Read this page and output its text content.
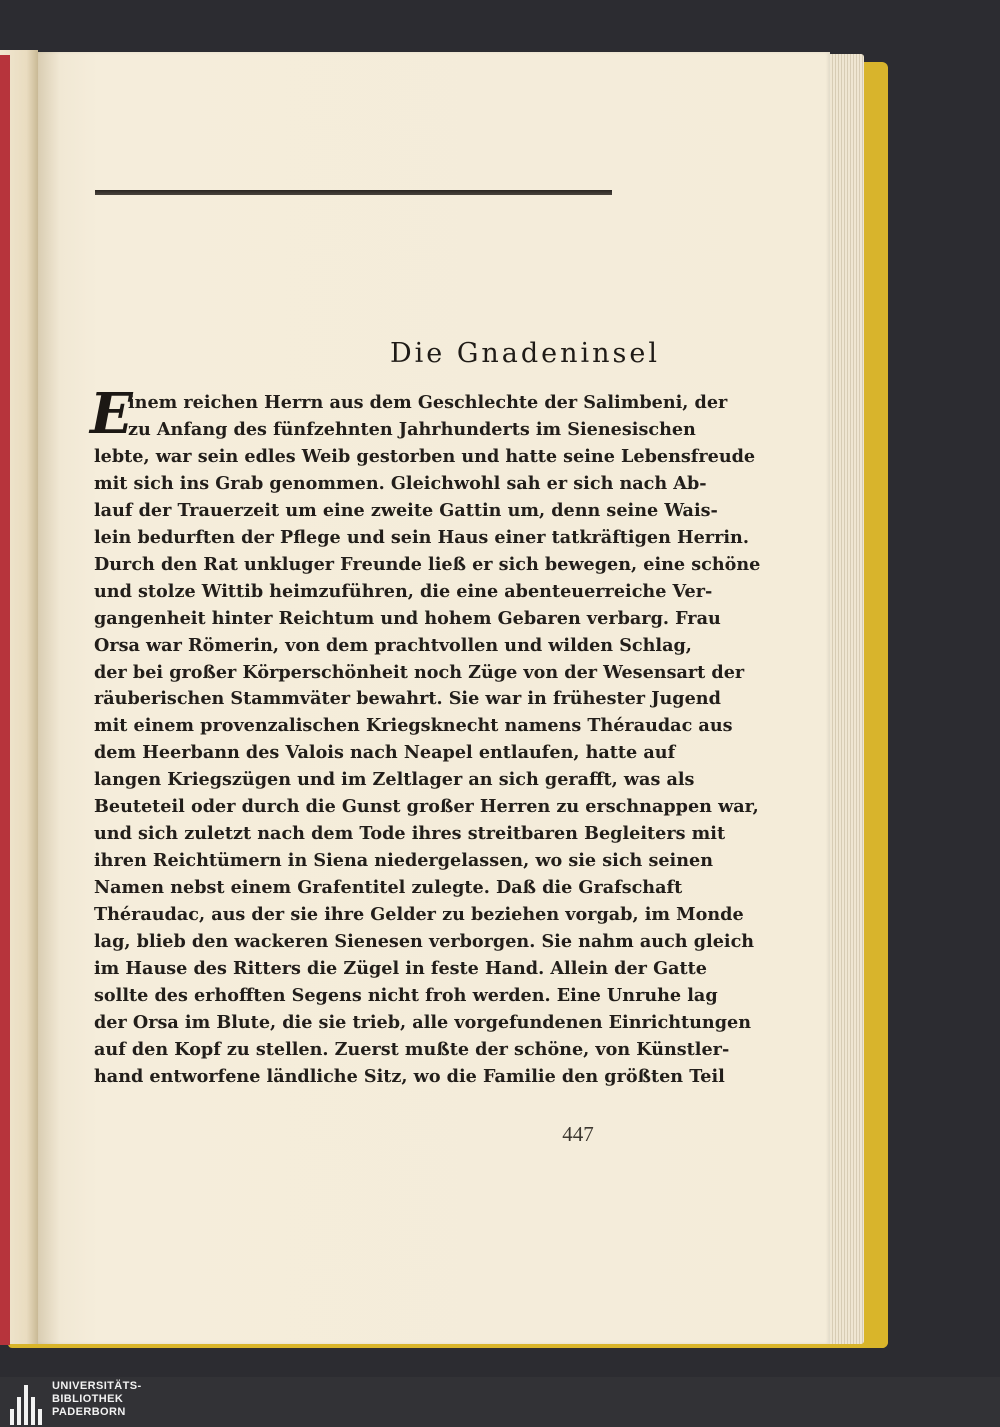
Die Gnadeninsel
E
inem reichen Herrn aus dem Geschlechte der Salimbeni, der
zu Anfang des fünfzehnten Jahrhunderts im Sienesischen
lebte, war sein edles Weib gestorben und hatte seine Lebensfreude
mit sich ins Grab genommen. Gleichwohl sah er sich nach Ab-
lauf der Trauerzeit um eine zweite Gattin um, denn seine Wais-
lein bedurften der Pflege und sein Haus einer tatkräftigen Herrin.
Durch den Rat unkluger Freunde ließ er sich bewegen, eine schöne
und stolze Wittib heimzuführen, die eine abenteuerreiche Ver-
gangenheit hinter Reichtum und hohem Gebaren verbarg. Frau
Orsa war Römerin, von dem prachtvollen und wilden Schlag,
der bei großer Körperschönheit noch Züge von der Wesensart der
räuberischen Stammväter bewahrt. Sie war in frühester Jugend
mit einem provenzalischen Kriegsknecht namens Théraudac aus
dem Heerbann des Valois nach Neapel entlaufen, hatte auf
langen Kriegszügen und im Zeltlager an sich gerafft, was als
Beuteteil oder durch die Gunst großer Herren zu erschnappen war,
und sich zuletzt nach dem Tode ihres streitbaren Begleiters mit
ihren Reichtümern in Siena niedergelassen, wo sie sich seinen
Namen nebst einem Grafentitel zulegte. Daß die Grafschaft
Théraudac, aus der sie ihre Gelder zu beziehen vorgab, im Monde
lag, blieb den wackeren Sienesen verborgen. Sie nahm auch gleich
im Hause des Ritters die Zügel in feste Hand. Allein der Gatte
sollte des erhofften Segens nicht froh werden. Eine Unruhe lag
der Orsa im Blute, die sie trieb, alle vorgefundenen Einrichtungen
auf den Kopf zu stellen. Zuerst mußte der schöne, von Künstler-
hand entworfene ländliche Sitz, wo die Familie den größten Teil
447
UNIVERSITÄTS-
BIBLIOTHEK
PADERBORN
